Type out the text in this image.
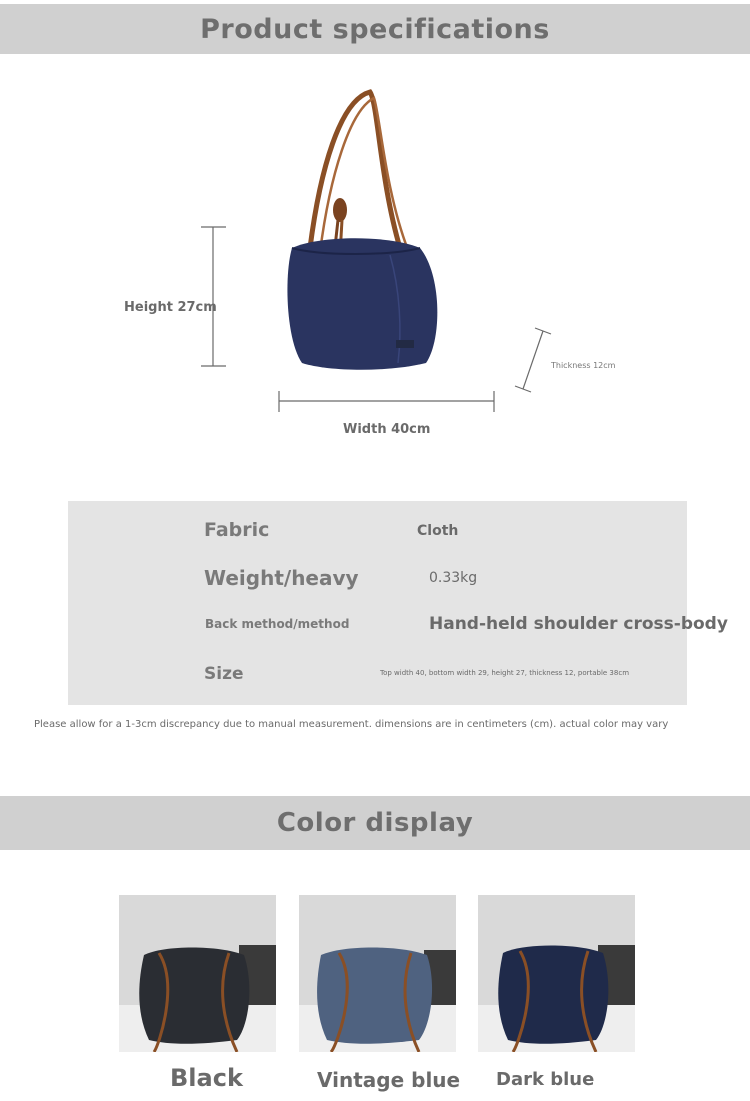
Product specifications
Height 27cm
Width 40cm
Thickness 12cm
Fabric	Cloth
Weight/heavy	0.33kg
Back method/method	Hand-held shoulder cross-body
Size	Top width 40, bottom width 29, height 27, thickness 12, portable 38cm
Please allow for a 1-3cm discrepancy due to manual measurement. dimensions are in centimeters (cm). actual color may vary
Color display
Black	Vintage blue	Dark blue
